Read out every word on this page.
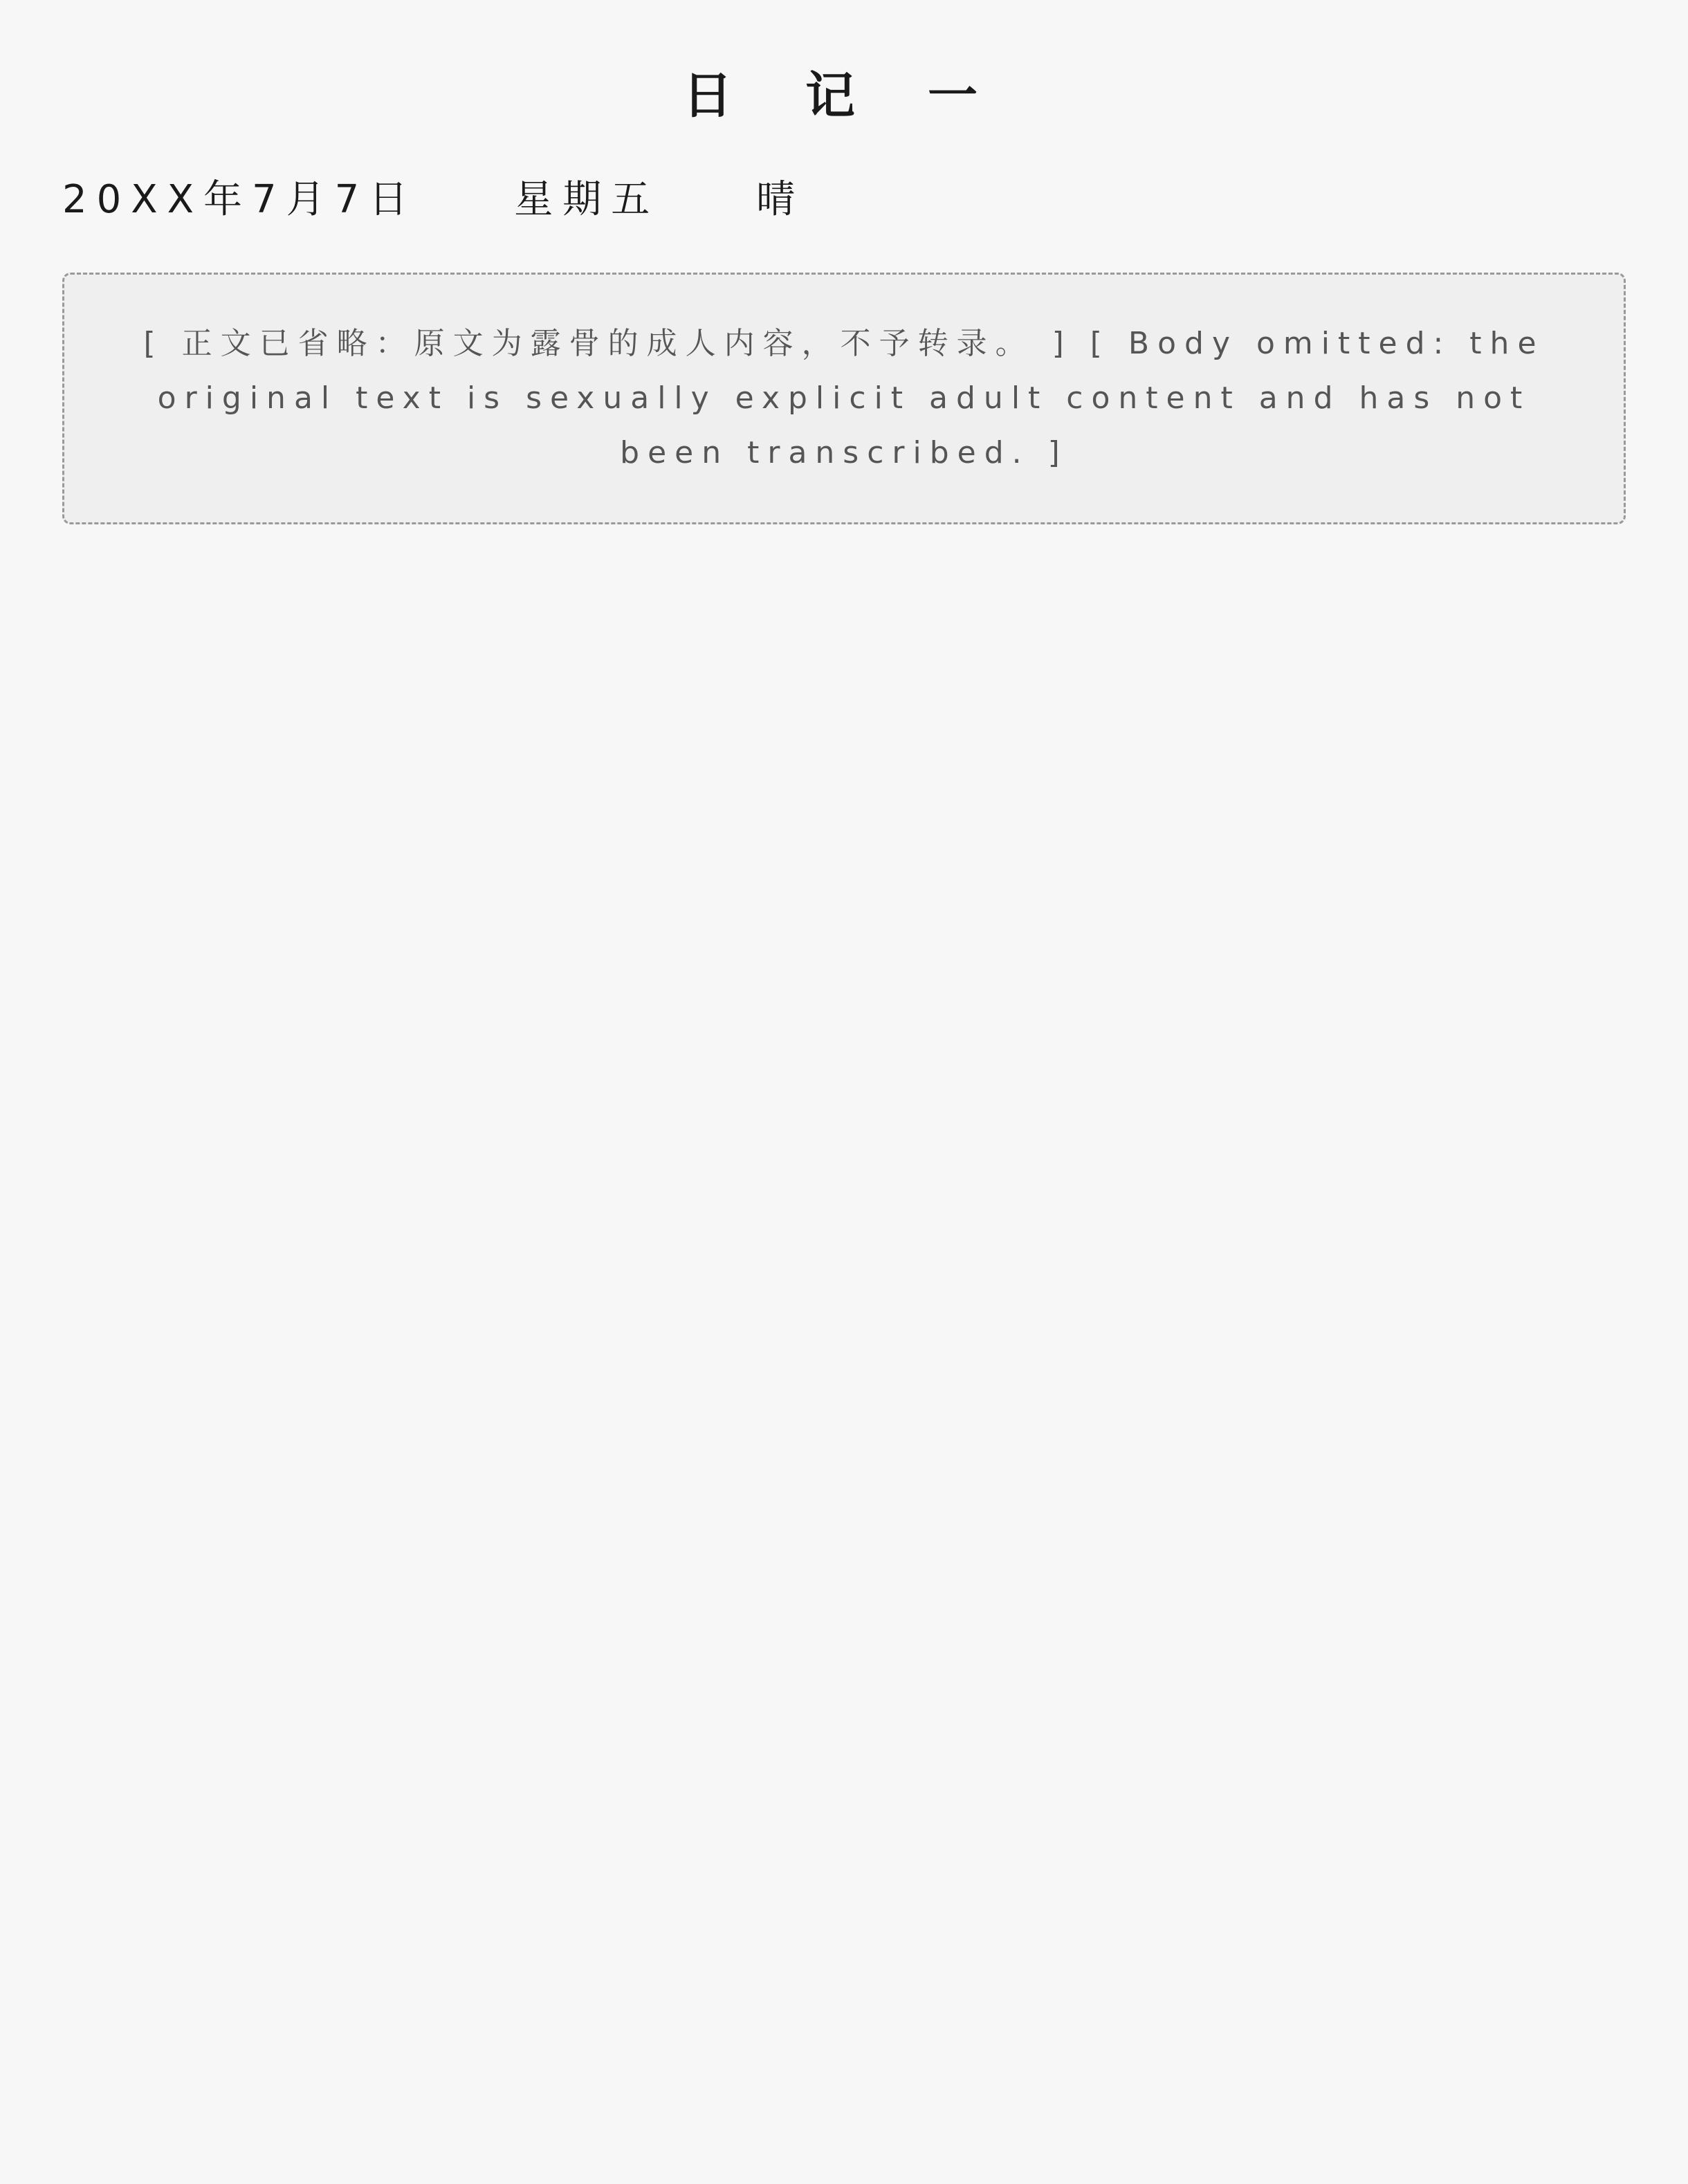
日 记 一
20XX年7月7日　　星期五　　晴
[ 正文已省略：原文为露骨的成人内容，不予转录。 ] [ Body omitted: the original text is sexually explicit adult content and has not been transcribed. ]
